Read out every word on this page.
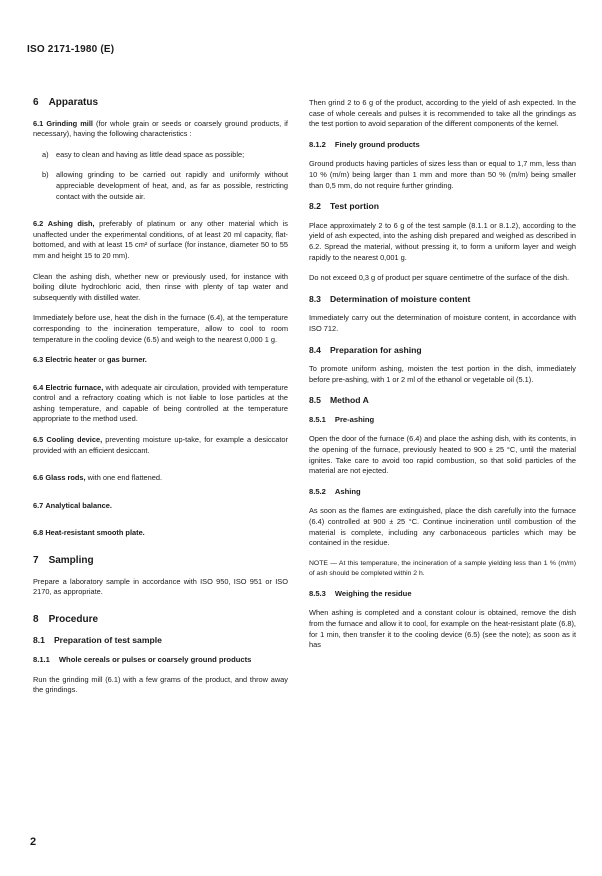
ISO 2171-1980 (E)
6 Apparatus

6.1 Grinding mill (for whole grain or seeds or coarsely ground products, if necessary), having the following characteristics :

a)	easy to clean and having as little dead space as possible;
b)	allowing grinding to be carried out rapidly and uniformly without appreciable development of heat, and, as far as possible, restricting contact with the outside air.

6.2 Ashing dish, preferably of platinum or any other material which is unaffected under the experimental conditions, of at least 20 ml capacity, flat-bottomed, and with at least 15 cm² of surface (for instance, diameter 50 to 55 mm and height 15 to 20 mm).

Clean the ashing dish, whether new or previously used, for instance with boiling dilute hydrochloric acid, then rinse with plenty of tap water and subsequently with distilled water.

Immediately before use, heat the dish in the furnace (6.4), at the temperature corresponding to the incineration temperature, allow to cool to room temperature in the cooling device (6.5) and weigh to the nearest 0,000 1 g.

6.3 Electric heater or gas burner.

6.4 Electric furnace, with adequate air circulation, provided with temperature control and a refractory coating which is not liable to lose particles at the ashing temperature, and capable of being controlled at the temperature appropriate to the method used.

6.5 Cooling device, preventing moisture up-take, for example a desiccator provided with an efficient desiccant.

6.6 Glass rods, with one end flattened.

6.7 Analytical balance.

6.8 Heat-resistant smooth plate.

7 Sampling

Prepare a laboratory sample in accordance with ISO 950, ISO 951 or ISO 2170, as appropriate.

8 Procedure
8.1 Preparation of test sample
8.1.1 Whole cereals or pulses or coarsely ground products

Run the grinding mill (6.1) with a few grams of the product, and throw away the grindings.

Then grind 2 to 6 g of the product, according to the yield of ash expected. In the case of whole cereals and pulses it is recommended to take all the grindings as the test portion to avoid separation of the different components of the kernel.

8.1.2 Finely ground products

Ground products having particles of sizes less than or equal to 1,7 mm, less than 10 % (m/m) being larger than 1 mm and more than 50 % (m/m) being smaller than 0,5 mm, do not require further grinding.

8.2 Test portion

Place approximately 2 to 6 g of the test sample (8.1.1 or 8.1.2), according to the yield of ash expected, into the ashing dish prepared and weighed as described in 6.2. Spread the material, without pressing it, to form a uniform layer and weigh rapidly to the nearest 0,001 g.

Do not exceed 0,3 g of product per square centimetre of the surface of the dish.

8.3 Determination of moisture content

Immediately carry out the determination of moisture content, in accordance with ISO 712.

8.4 Preparation for ashing

To promote uniform ashing, moisten the test portion in the dish, immediately before pre-ashing, with 1 or 2 ml of the ethanol or vegetable oil (5.1).

8.5 Method A
8.5.1 Pre-ashing

Open the door of the furnace (6.4) and place the ashing dish, with its contents, in the opening of the furnace, previously heated to 900 ± 25 °C, until the material ignites. Take care to avoid too rapid combustion, so that solid particles of the material are not ejected.

8.5.2 Ashing

As soon as the flames are extinguished, place the dish carefully into the furnace (6.4) controlled at 900 ± 25 °C. Continue incineration until combustion of the material is complete, including any carbonaceous particles which may be contained in the residue.

NOTE — At this temperature, the incineration of a sample yielding less than 1 % (m/m) of ash should be completed within 2 h.

8.5.3 Weighing the residue

When ashing is completed and a constant colour is obtained, remove the dish from the furnace and allow it to cool, for example on the heat-resistant plate (6.8), for 1 min, then transfer it to the cooling device (6.5) (see the note); as soon as it has

2
